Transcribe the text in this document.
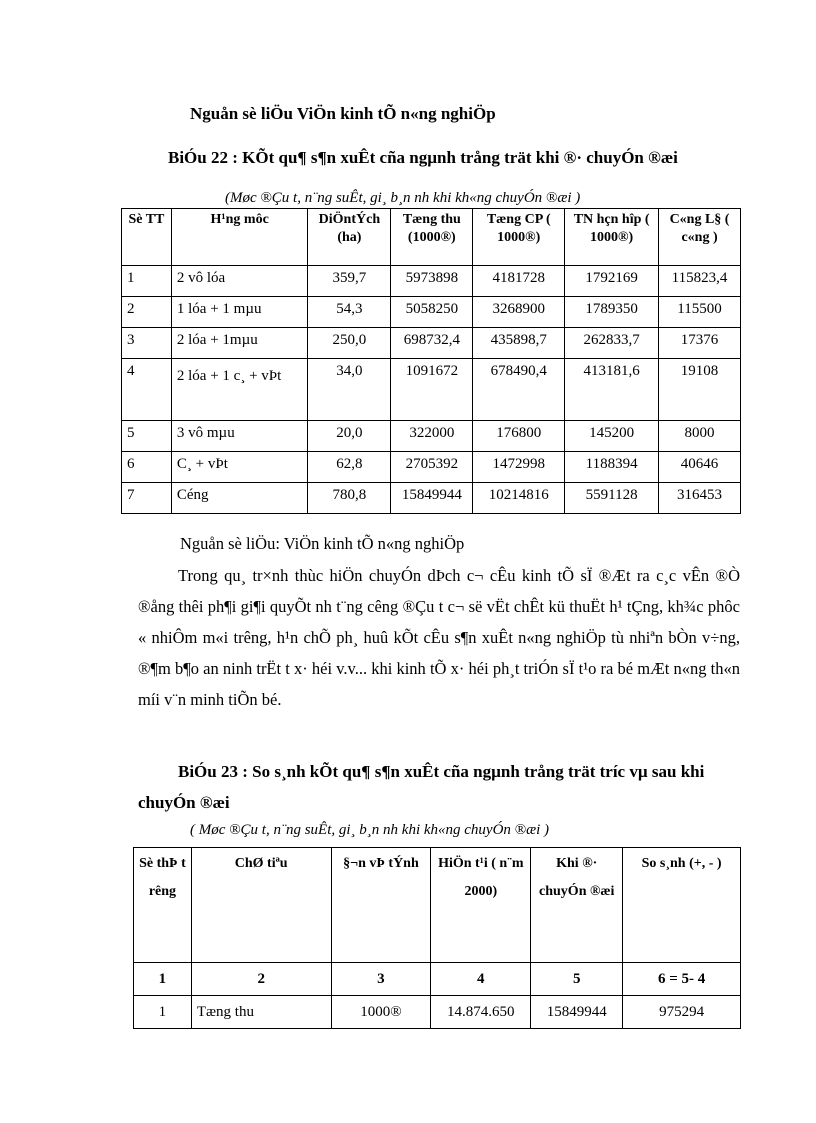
Nguån sè liÖu ViÖn kinh tÕ n«ng nghiÖp
BiÓu 22 : KÕt qu¶ s¶n xuÊt cña ngµnh trång trät khi ®· chuyÓn ®æi
(Møc ®Çu t, n¨ng suÊt, gi¸ b¸n nh khi kh«ng chuyÓn ®æi )
Sè TT	H¹ng môc	DiÖntÝch (ha)	Tæng thu (1000®)	Tæng CP ( 1000®)	TN hçn hîp ( 1000®)	C«ng L§ ( c«ng )
1	2 vô lóa	359,7	5973898	4181728	1792169	115823,4
2	1 lóa + 1 mµu	54,3	5058250	3268900	1789350	115500
3	2 lóa + 1mµu	250,0	698732,4	435898,7	262833,7	17376
4	2 lóa + 1 c¸ + vÞt	34,0	1091672	678490,4	413181,6	19108
5	3 vô mµu	20,0	322000	176800	145200	8000
6	C¸ + vÞt	62,8	2705392	1472998	1188394	40646
7	Céng	780,8	15849944	10214816	5591128	316453
Nguån sè liÖu: ViÖn kinh tÕ n«ng nghiÖp

Trong qu¸ tr×nh thùc hiÖn chuyÓn dÞch c¬ cÊu kinh tÕ sÏ ®Æt ra c¸c vÊn ®Ò ®ång thêi ph¶i gi¶i quyÕt nh t¨ng cêng ®Çu t c¬ së vËt chÊt kü thuËt h¹ tÇng, kh¾c phôc « nhiÔm m«i trêng, h¹n chÕ ph¸ huû kÕt cÊu s¶n xuÊt n«ng nghiÖp tù nhiªn bÒn v÷ng, ®¶m b¶o an ninh trËt t x· héi v.v... khi kinh tÕ x· héi ph¸t triÓn sÏ t¹o ra bé mÆt n«ng th«n míi v¨n minh tiÕn bé.

BiÓu 23 : So s¸nh kÕt qu¶ s¶n xuÊt cña ngµnh trång trät tríc vµ sau khi chuyÓn ®æi
( Møc ®Çu t, n¨ng suÊt, gi¸ b¸n nh khi kh«ng chuyÓn ®æi )
Sè thÞ trêng	ChØ tiªu	§¬n vÞ tÝnh	HiÖn t¹i ( n¨m 2000)	Khi ®· chuyÓn ®æi	So s¸nh (+, - )
1	2	3	4	5	6 = 5- 4
1	Tæng thu	1000®	14.874.650	15849944	975294
